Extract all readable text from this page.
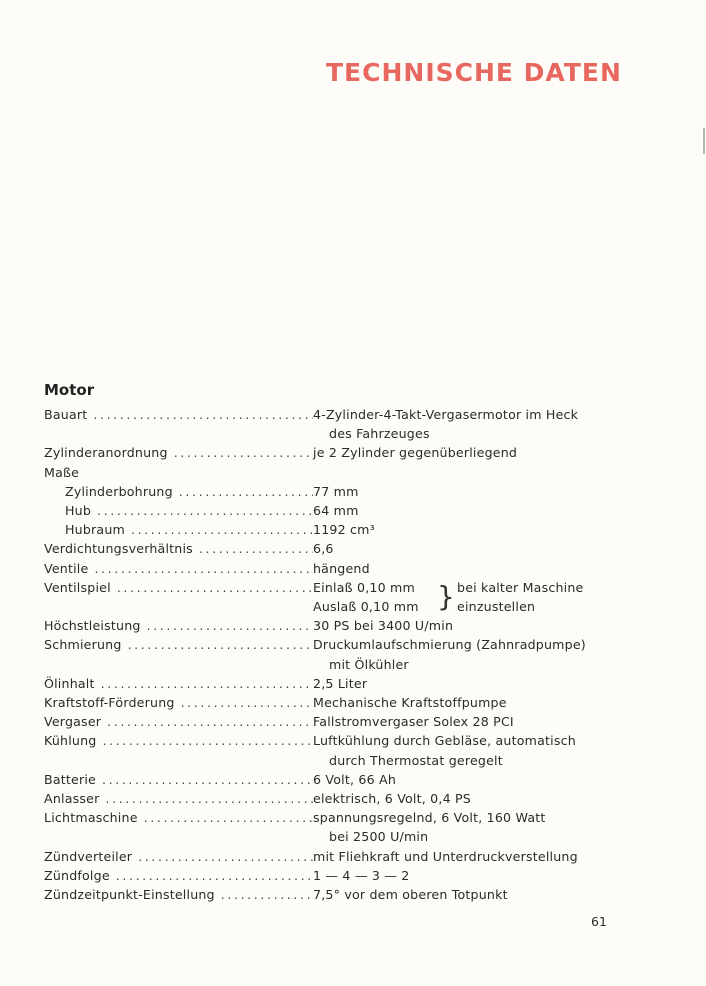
TECHNISCHE DATEN
Motor
Bauart .....	4-Zylinder-4-Takt-Vergasermotor im Heck
des Fahrzeuges
Zylinderanordnung .....	je 2 Zylinder gegenüberliegend
Maße
Zylinderbohrung .....	77 mm
Hub .....	64 mm
Hubraum .....	1192 cm³
Verdichtungsverhältnis .....	6,6
Ventile .....	hängend
Ventilspiel .....	Einlaß 0,10 mm
Auslaß 0,10 mm } bei kalter Maschine
einzustellen
Höchstleistung .....	30 PS bei 3400 U/min
Schmierung .....	Druckumlaufschmierung (Zahnradpumpe)
mit Ölkühler
Ölinhalt .....	2,5 Liter
Kraftstoff-Förderung .....	Mechanische Kraftstoffpumpe
Vergaser .....	Fallstromvergaser Solex 28 PCI
Kühlung .....	Luftkühlung durch Gebläse, automatisch
durch Thermostat geregelt
Batterie .....	6 Volt, 66 Ah
Anlasser .....	elektrisch, 6 Volt, 0,4 PS
Lichtmaschine .....	spannungsregelnd, 6 Volt, 160 Watt
bei 2500 U/min
Zündverteiler .....	mit Fliehkraft und Unterdruckverstellung
Zündfolge .....	1 — 4 — 3 — 2
Zündzeitpunkt-Einstellung .....	7,5° vor dem oberen Totpunkt
61
